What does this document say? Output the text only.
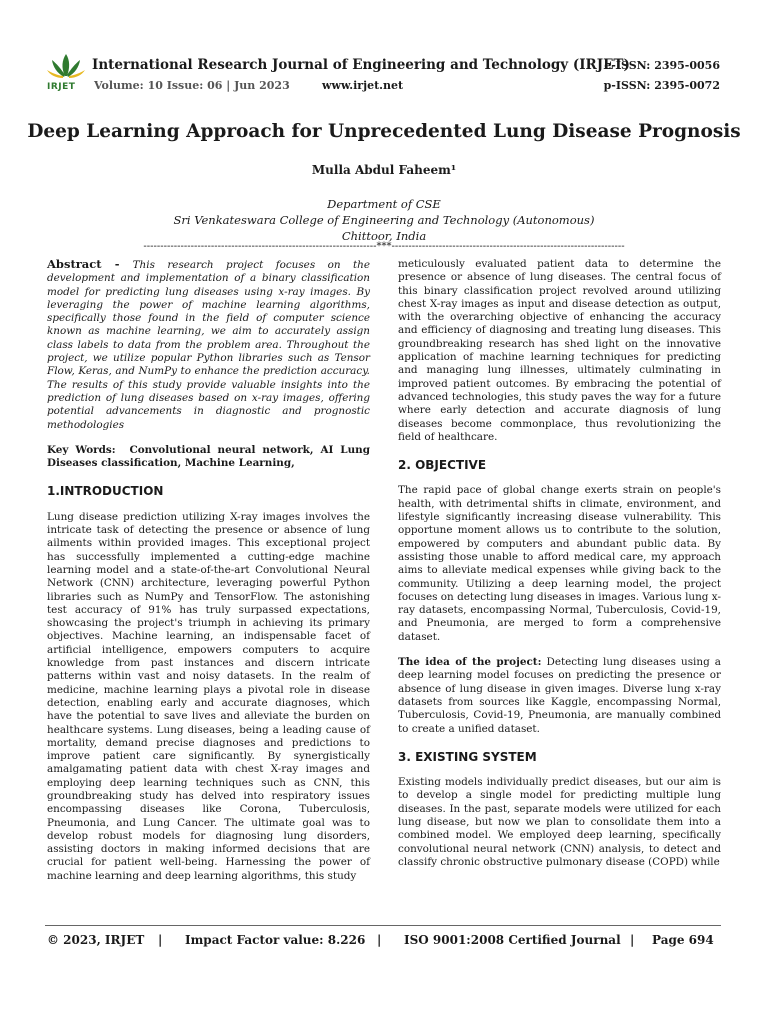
IRJET
International Research Journal of Engineering and Technology (IRJET)
Volume: 10 Issue: 06 | Jun 2023	www.irjet.net
e-ISSN: 2395-0056
p-ISSN: 2395-0072
Deep Learning Approach for Unprecedented Lung Disease Prognosis
Mulla Abdul Faheem¹
Department of CSE
Sri Venkateswara College of Engineering and Technology (Autonomous)
Chittoor, India
---------------------------------------------------------------------***---------------------------------------------------------------------

Abstract - This research project focuses on the development and implementation of a binary classification model for predicting lung diseases using x-ray images. By leveraging the power of machine learning algorithms, specifically those found in the field of computer science known as machine learning, we aim to accurately assign class labels to data from the problem area. Throughout the project, we utilize popular Python libraries such as Tensor Flow, Keras, and NumPy to enhance the prediction accuracy. The results of this study provide valuable insights into the prediction of lung diseases based on x-ray images, offering potential advancements in diagnostic and prognostic methodologies

Key Words: Convolutional neural network, AI Lung Diseases classification, Machine Learning,

1.INTRODUCTION

Lung disease prediction utilizing X-ray images involves the intricate task of detecting the presence or absence of lung ailments within provided images. This exceptional project has successfully implemented a cutting-edge machine learning model and a state-of-the-art Convolutional Neural Network (CNN) architecture, leveraging powerful Python libraries such as NumPy and TensorFlow. The astonishing test accuracy of 91% has truly surpassed expectations, showcasing the project's triumph in achieving its primary objectives. Machine learning, an indispensable facet of artificial intelligence, empowers computers to acquire knowledge from past instances and discern intricate patterns within vast and noisy datasets. In the realm of medicine, machine learning plays a pivotal role in disease detection, enabling early and accurate diagnoses, which have the potential to save lives and alleviate the burden on healthcare systems. Lung diseases, being a leading cause of mortality, demand precise diagnoses and predictions to improve patient care significantly. By synergistically amalgamating patient data with chest X-ray images and employing deep learning techniques such as CNN, this groundbreaking study has delved into respiratory issues encompassing diseases like Corona, Tuberculosis, Pneumonia, and Lung Cancer. The ultimate goal was to develop robust models for diagnosing lung disorders, assisting doctors in making informed decisions that are crucial for patient well-being. Harnessing the power of machine learning and deep learning algorithms, this study

meticulously evaluated patient data to determine the presence or absence of lung diseases. The central focus of this binary classification project revolved around utilizing chest X-ray images as input and disease detection as output, with the overarching objective of enhancing the accuracy and efficiency of diagnosing and treating lung diseases. This groundbreaking research has shed light on the innovative application of machine learning techniques for predicting and managing lung illnesses, ultimately culminating in improved patient outcomes. By embracing the potential of advanced technologies, this study paves the way for a future where early detection and accurate diagnosis of lung diseases become commonplace, thus revolutionizing the field of healthcare.

2. OBJECTIVE

The rapid pace of global change exerts strain on people's health, with detrimental shifts in climate, environment, and lifestyle significantly increasing disease vulnerability. This opportune moment allows us to contribute to the solution, empowered by computers and abundant public data. By assisting those unable to afford medical care, my approach aims to alleviate medical expenses while giving back to the community. Utilizing a deep learning model, the project focuses on detecting lung diseases in images. Various lung x-ray datasets, encompassing Normal, Tuberculosis, Covid-19, and Pneumonia, are merged to form a comprehensive dataset.

The idea of the project: Detecting lung diseases using a deep learning model focuses on predicting the presence or absence of lung disease in given images. Diverse lung x-ray datasets from sources like Kaggle, encompassing Normal, Tuberculosis, Covid-19, Pneumonia, are manually combined to create a unified dataset.

3. EXISTING SYSTEM

Existing models individually predict diseases, but our aim is to develop a single model for predicting multiple lung diseases. In the past, separate models were utilized for each lung disease, but now we plan to consolidate them into a combined model. We employed deep learning, specifically convolutional neural network (CNN) analysis, to detect and classify chronic obstructive pulmonary disease (COPD) while

© 2023, IRJET | Impact Factor value: 8.226 | ISO 9001:2008 Certified Journal | Page 694
